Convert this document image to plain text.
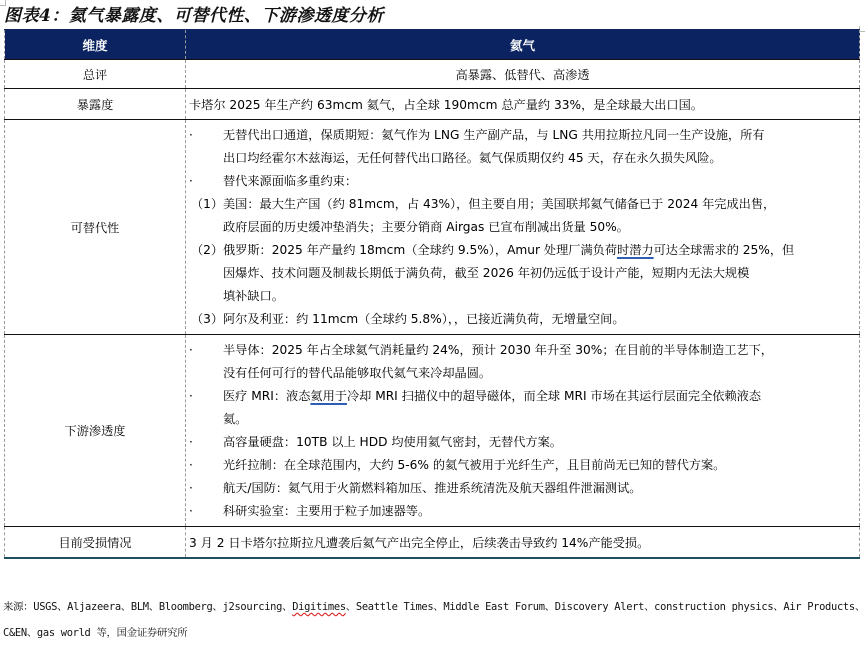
图表4：氦气暴露度、可替代性、下游渗透度分析
维度	氦气
总评	高暴露、低替代、高渗透
暴露度	卡塔尔 2025 年生产约 63mcm 氦气，占全球 190mcm 总产量约 33%，是全球最大出口国。
可替代性	
·	无替代出口通道，保质期短：氦气作为 LNG 生产副产品，与 LNG 共用拉斯拉凡同一生产设施，所有
出口均经霍尔木兹海运，无任何替代出口路径。氦气保质期仅约 45 天，存在永久损失风险。
·	替代来源面临多重约束：
（1） 美国：最大生产国（约 81mcm，占 43%），但主要自用；美国联邦氦气储备已于 2024 年完成出售，
政府层面的历史缓冲垫消失；主要分销商 Airgas 已宣布削减出货量 50%。
（2） 俄罗斯：2025 年产量约 18mcm（全球约 9.5%），Amur 处理厂满负荷时潜力可达全球需求的 25%，但
因爆炸、技术问题及制裁长期低于满负荷，截至 2026 年初仍远低于设计产能，短期内无法大规模
填补缺口。
（3） 阿尔及利亚：约 11mcm（全球约 5.8%），，已接近满负荷，无增量空间。

下游渗透度	
·	半导体：2025 年占全球氦气消耗量约 24%，预计 2030 年升至 30%；在目前的半导体制造工艺下，
没有任何可行的替代品能够取代氦气来冷却晶圆。
·	医疗 MRI：液态氦用于冷却 MRI 扫描仪中的超导磁体，而全球 MRI 市场在其运行层面完全依赖液态
氦。
·	高容量硬盘：10TB 以上 HDD 均使用氦气密封，无替代方案。
·	光纤拉制：在全球范围内，大约 5-6% 的氦气被用于光纤生产，且目前尚无已知的替代方案。
·	航天/国防：氦气用于火箭燃料箱加压、推进系统清洗及航天器组件泄漏测试。
·	科研实验室：主要用于粒子加速器等。

目前受损情况	3 月 2 日卡塔尔拉斯拉凡遭袭后氦气产出完全停止，后续袭击导致约 14%产能受损。
来源：USGS、Aljazeera、BLM、Bloomberg、j2sourcing、Digitimes、Seattle Times、Middle East Forum、Discovery Alert、construction physics、Air Products、
C&EN、gas world 等，国金证券研究所
